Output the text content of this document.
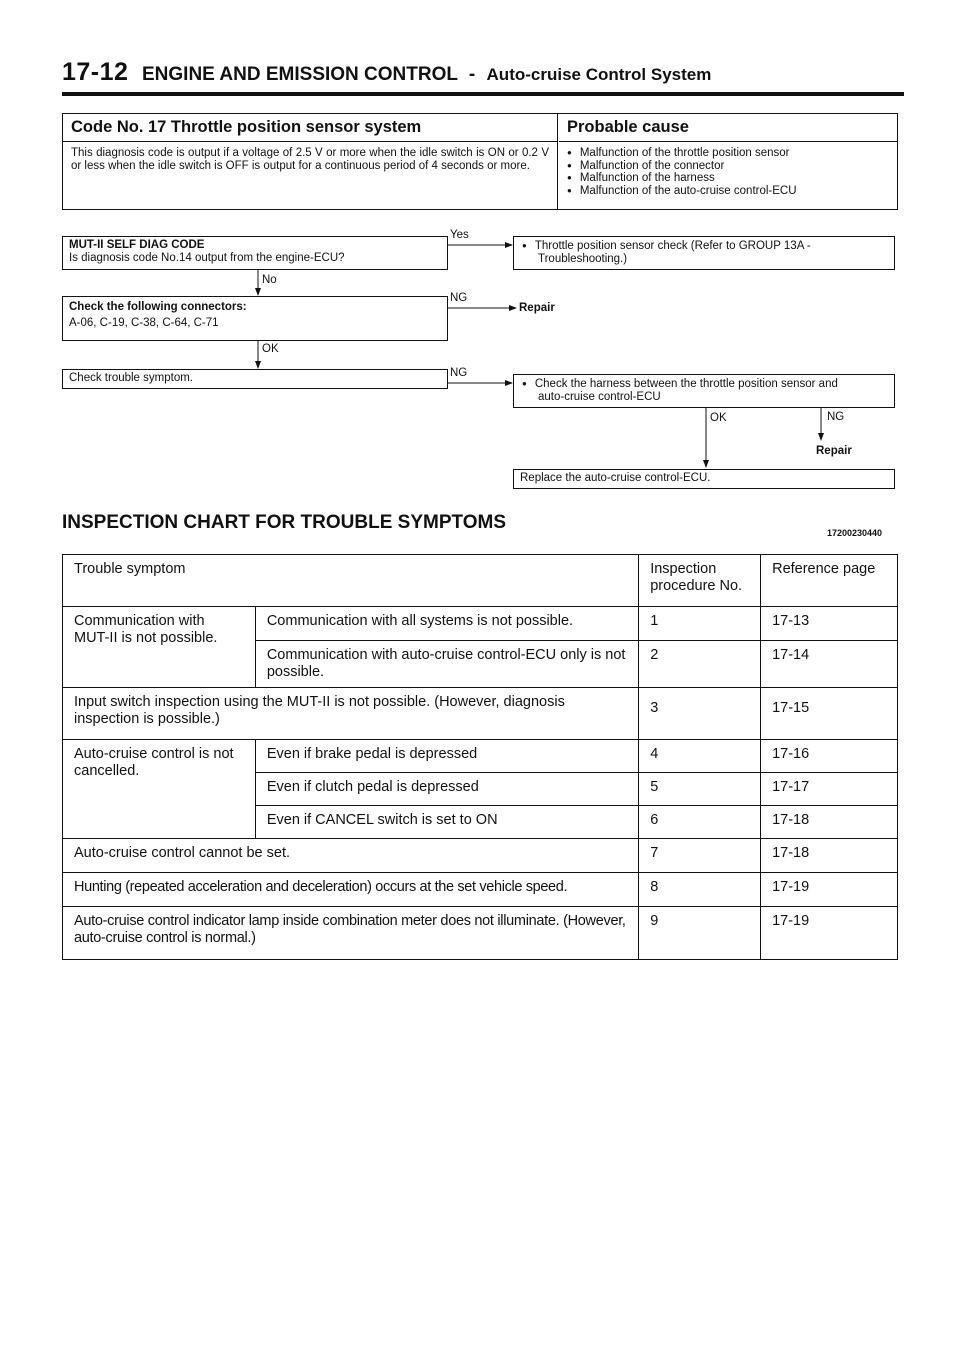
17-12 ENGINE AND EMISSION CONTROL - Auto-cruise Control System
Code No. 17 Throttle position sensor system
This diagnosis code is output if a voltage of 2.5 V or more when the idle switch is ON or 0.2 V or less when the idle switch is OFF is output for a continuous period of 4 seconds or more.
Probable cause
● Malfunction of the throttle position sensor
● Malfunction of the connector
● Malfunction of the harness
● Malfunction of the auto-cruise control-ECU
MUT-II SELF DIAG CODE
Is diagnosis code No.14 output from the engine-ECU?
Yes
● Throttle position sensor check (Refer to GROUP 13A -
Troubleshooting.)
No
Check the following connectors:
A-06, C-19, C-38, C-64, C-71
NG
Repair
OK
Check trouble symptom.	NG
● Check the harness between the throttle position sensor and
auto-cruise control-ECU
OK	NG
Repair
Replace the auto-cruise control-ECU.
INSPECTION CHART FOR TROUBLE SYMPTOMS	17200230440
Trouble symptom		Inspection procedure No.	Reference page
Communication with MUT-II is not possible.	Communication with all systems is not possible.	1	17-13
	Communication with auto-cruise control-ECU only is not possible.	2	17-14
Input switch inspection using the MUT-II is not possible. (However, diagnosis inspection is possible.)		3	17-15
Auto-cruise control is not cancelled.	Even if brake pedal is depressed	4	17-16
	Even if clutch pedal is depressed	5	17-17
	Even if CANCEL switch is set to ON	6	17-18
Auto-cruise control cannot be set.		7	17-18
Hunting (repeated acceleration and deceleration) occurs at the set vehicle speed.		8	17-19
Auto-cruise control indicator lamp inside combination meter does not illuminate. (However, auto-cruise control is normal.)		9	17-19
